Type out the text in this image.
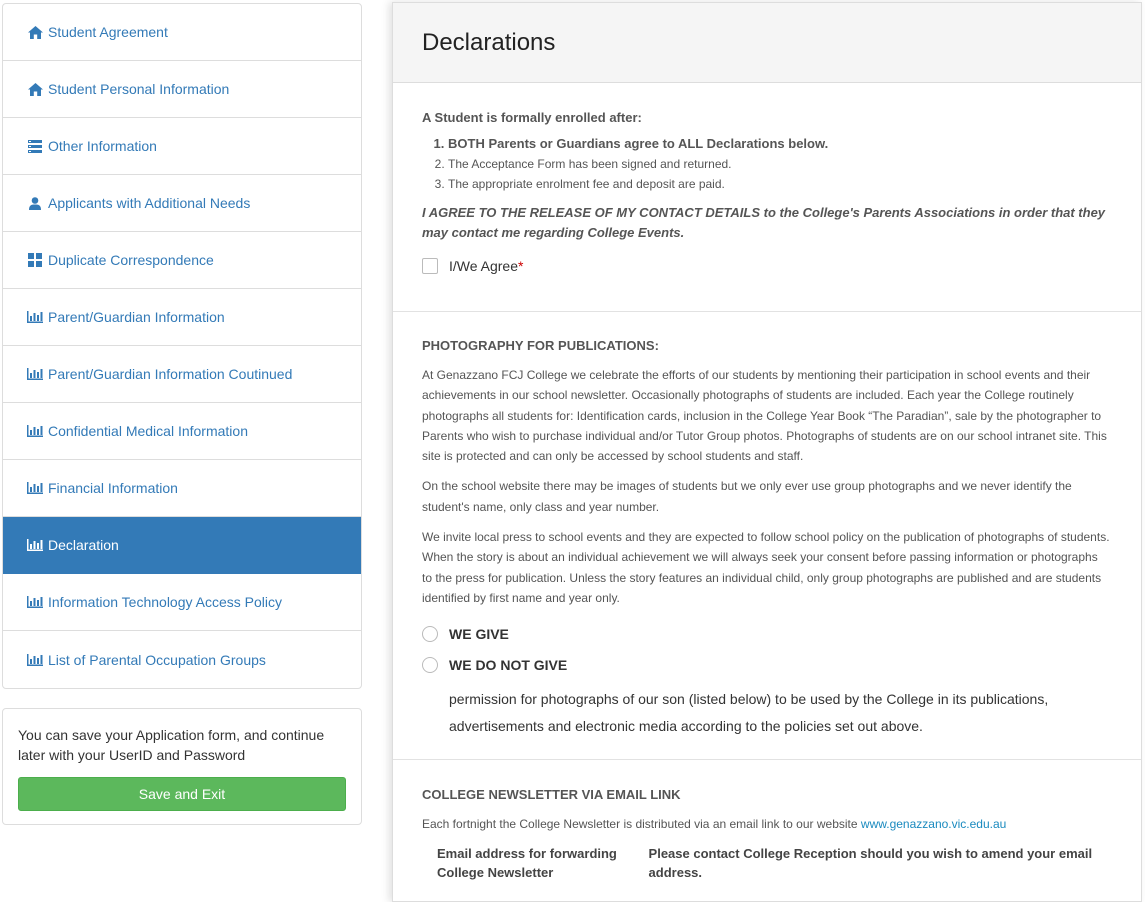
Student Agreement
Student Personal Information
Other Information
Applicants with Additional Needs
Duplicate Correspondence
Parent/Guardian Information
Parent/Guardian Information Coutinued
Confidential Medical Information
Financial Information
Declaration
Information Technology Access Policy
List of Parental Occupation Groups

You can save your Application form, and continue later with your UserID and Password

Save and Exit
Declarations

A Student is formally enrolled after:

1. BOTH Parents or Guardians agree to ALL Declarations below.
2. The Acceptance Form has been signed and returned.
3. The appropriate enrolment fee and deposit are paid.

I AGREE TO THE RELEASE OF MY CONTACT DETAILS to the College's Parents Associations in order that they may contact me regarding College Events.

I/We Agree *

PHOTOGRAPHY FOR PUBLICATIONS:

At Genazzano FCJ College we celebrate the efforts of our students by mentioning their participation in school events and their achievements in our school newsletter. Occasionally photographs of students are included. Each year the College routinely photographs all students for: Identification cards, inclusion in the College Year Book “The Paradian”, sale by the photographer to Parents who wish to purchase individual and/or Tutor Group photos. Photographs of students are on our school intranet site. This site is protected and can only be accessed by school students and staff.

On the school website there may be images of students but we only ever use group photographs and we never identify the student's name, only class and year number.

We invite local press to school events and they are expected to follow school policy on the publication of photographs of students. When the story is about an individual achievement we will always seek your consent before passing information or photographs to the press for publication. Unless the story features an individual child, only group photographs are published and are students identified by first name and year only.

WE GIVE
WE DO NOT GIVE

permission for photographs of our son (listed below) to be used by the College in its publications, advertisements and electronic media according to the policies set out above.

COLLEGE NEWSLETTER VIA EMAIL LINK

Each fortnight the College Newsletter is distributed via an email link to our website www.genazzano.vic.edu.au

Email address for forwarding College Newsletter
Please contact College Reception should you wish to amend your email address.
